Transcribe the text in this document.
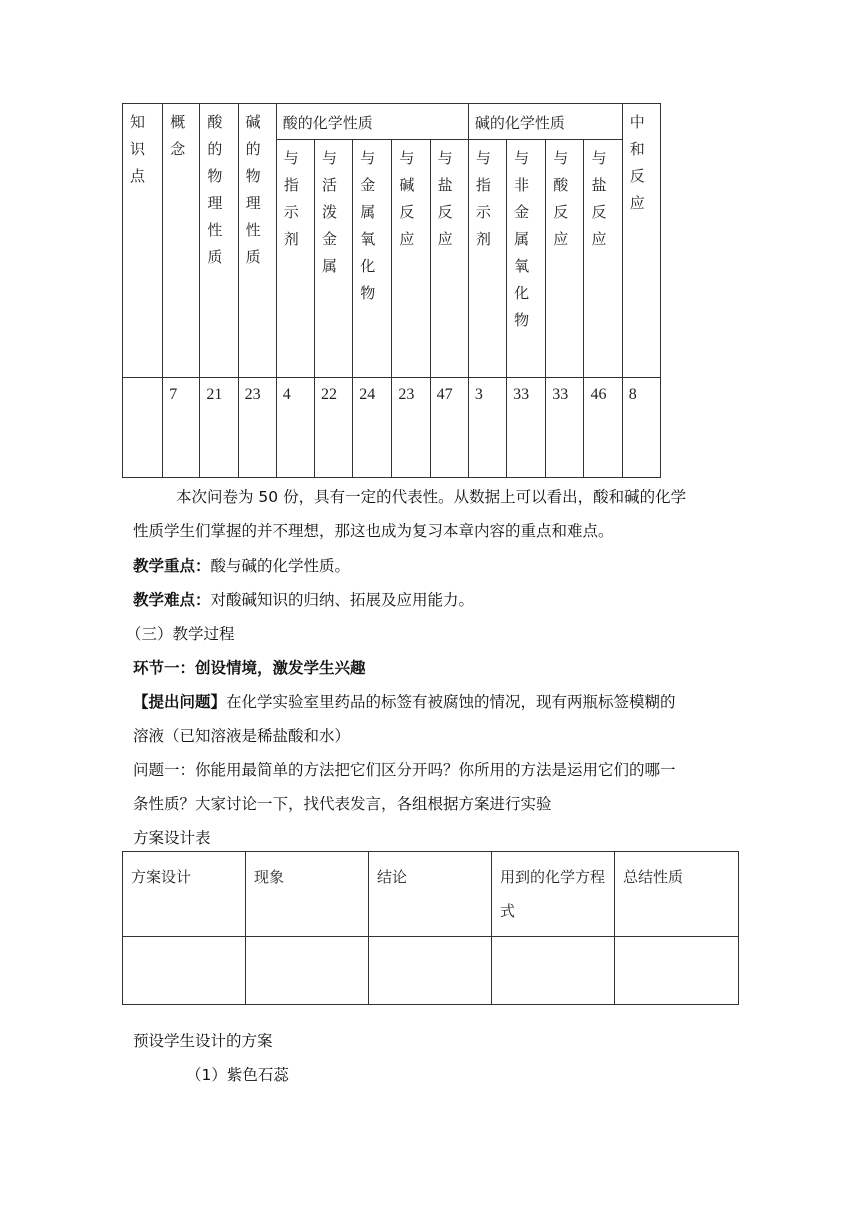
知识点	概念	酸的物理性质	碱的物理性质	酸的化学性质					碱的化学性质				中和反应

				与指示剂	与活泼金属	与金属氧化物	与碱反应	与盐反应	与指示剂	与非金属氧化物	与酸反应	与盐反应	

	7	21	23	4	22	24	23	47	3	33	33	46	8
本次问卷为 50 份，具有一定的代表性。从数据上可以看出，酸和碱的化学
性质学生们掌握的并不理想，那这也成为复习本章内容的重点和难点。
教学重点：酸与碱的化学性质。
教学难点：对酸碱知识的归纳、拓展及应用能力。
（三）教学过程
环节一：创设情境，激发学生兴趣
【提出问题】在化学实验室里药品的标签有被腐蚀的情况，现有两瓶标签模糊的
溶液（已知溶液是稀盐酸和水）
问题一：你能用最简单的方法把它们区分开吗？你所用的方法是运用它们的哪一
条性质？大家讨论一下，找代表发言，各组根据方案进行实验
方案设计表
方案设计	现象	结论	用到的化学方程式	总结性质

预设学生设计的方案
（1）紫色石蕊
